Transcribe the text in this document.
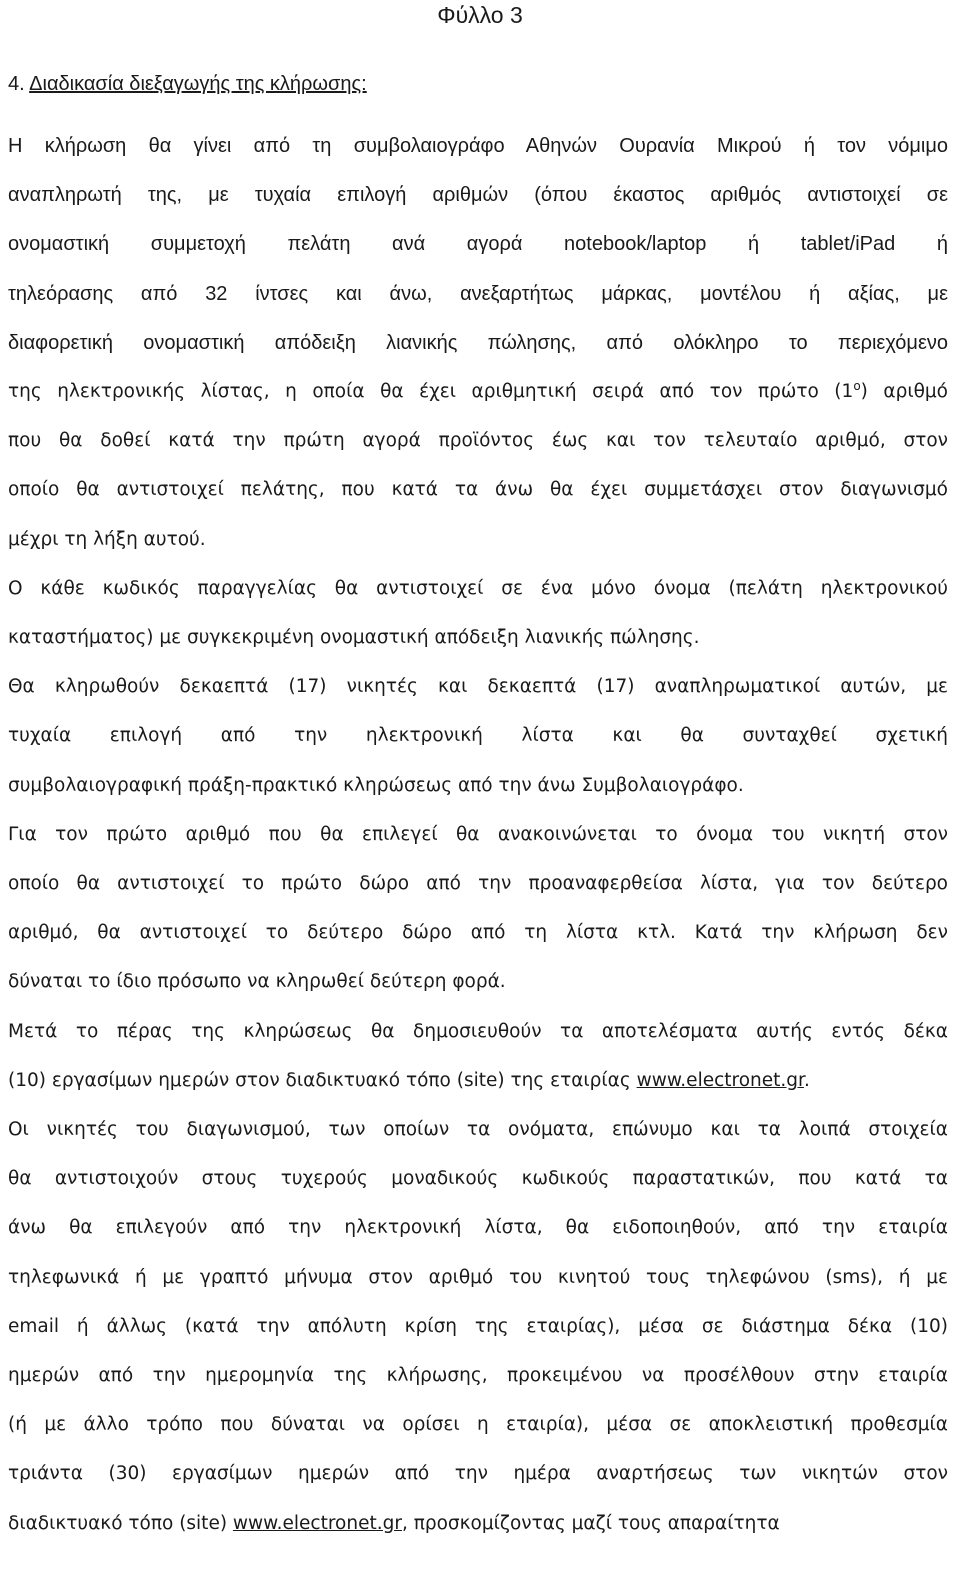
Φύλλο 3
4. Διαδικασία διεξαγωγής της κλήρωσης:
Η κλήρωση θα γίνει από τη συμβολαιογράφο Αθηνών Ουρανία Μικρού ή τον νόμιμο
αναπληρωτή της, με τυχαία επιλογή αριθμών (όπου έκαστος αριθμός αντιστοιχεί σε
ονομαστική συμμετοχή πελάτη ανά αγορά notebook/laptop ή tablet/iPad ή
τηλεόρασης από 32 ίντσες και άνω, ανεξαρτήτως μάρκας, μοντέλου ή αξίας, με
διαφορετική ονομαστική απόδειξη λιανικής πώλησης, από ολόκληρο το περιεχόμενο
της ηλεκτρονικής λίστας, η οποία θα έχει αριθμητική σειρά από τον πρώτο $(1^o)$ αριθμό
που θα δοθεί κατά την πρώτη αγορά προϊόντος έως και τον τελευταίο αριθμό, στον
οποίο θα αντιστοιχεί πελάτης, που κατά τα άνω θα έχει συμμετάσχει στον διαγωνισμό
μέχρι τη λήξη αυτού.
Ο κάθε κωδικός παραγγελίας θα αντιστοιχεί σε ένα μόνο όνομα (πελάτη ηλεκτρονικού
καταστήματος) με συγκεκριμένη ονομαστική απόδειξη λιανικής πώλησης.
Θα κληρωθούν δεκαεπτά (17) νικητές και δεκαεπτά (17) αναπληρωματικοί αυτών, με
τυχαία επιλογή από την ηλεκτρονική λίστα και θα συνταχθεί σχετική
συμβολαιογραφική πράξη-πρακτικό κληρώσεως από την άνω Συμβολαιογράφο.
Για τον πρώτο αριθμό που θα επιλεγεί θα ανακοινώνεται το όνομα του νικητή στον
οποίο θα αντιστοιχεί το πρώτο δώρο από την προαναφερθείσα λίστα, για τον δεύτερο
αριθμό, θα αντιστοιχεί το δεύτερο δώρο από τη λίστα κτλ. Κατά την κλήρωση δεν
δύναται το ίδιο πρόσωπο να κληρωθεί δεύτερη φορά.
Μετά το πέρας της κληρώσεως θα δημοσιευθούν τα αποτελέσματα αυτής εντός δέκα
(10) εργασίμων ημερών στον διαδικτυακό τόπο (site) της εταιρίας www.electronet.gr.
Οι νικητές του διαγωνισμού, των οποίων τα ονόματα, επώνυμο και τα λοιπά στοιχεία
θα αντιστοιχούν στους τυχερούς μοναδικούς κωδικούς παραστατικών, που κατά τα
άνω θα επιλεγούν από την ηλεκτρονική λίστα, θα ειδοποιηθούν, από την εταιρία
τηλεφωνικά ή με γραπτό μήνυμα στον αριθμό του κινητού τους τηλεφώνου (sms), ή με
email ή άλλως (κατά την απόλυτη κρίση της εταιρίας), μέσα σε διάστημα δέκα (10)
ημερών από την ημερομηνία της κλήρωσης, προκειμένου να προσέλθουν στην εταιρία
(ή με άλλο τρόπο που δύναται να ορίσει η εταιρία), μέσα σε αποκλειστική προθεσμία
τριάντα (30) εργασίμων ημερών από την ημέρα αναρτήσεως των νικητών στον
διαδικτυακό τόπο (site) www.electronet.gr, προσκομίζοντας μαζί τους απαραίτητα
